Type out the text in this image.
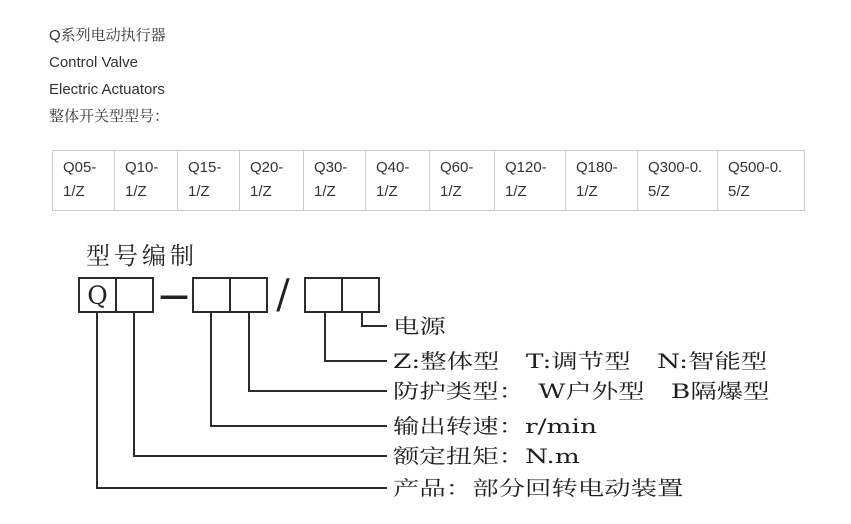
Q系列电动执行器
Control Valve
Electric Actuators
整体开关型型号：
Q05-
1/Z
Q10-
1/Z
Q15-
1/Z
Q20-
1/Z
Q30-
1/Z
Q40-
1/Z
Q60-
1/Z
Q120-
1/Z
Q180-
1/Z
Q300-0.
5/Z
Q500-0.
5/Z
型号编制
Q — /
电源
Z:整体型　T:调节型　N:智能型
防护类型：　W户外型　B隔爆型
输出转速：r/min
额定扭矩：N.m
产品：部分回转电动装置
